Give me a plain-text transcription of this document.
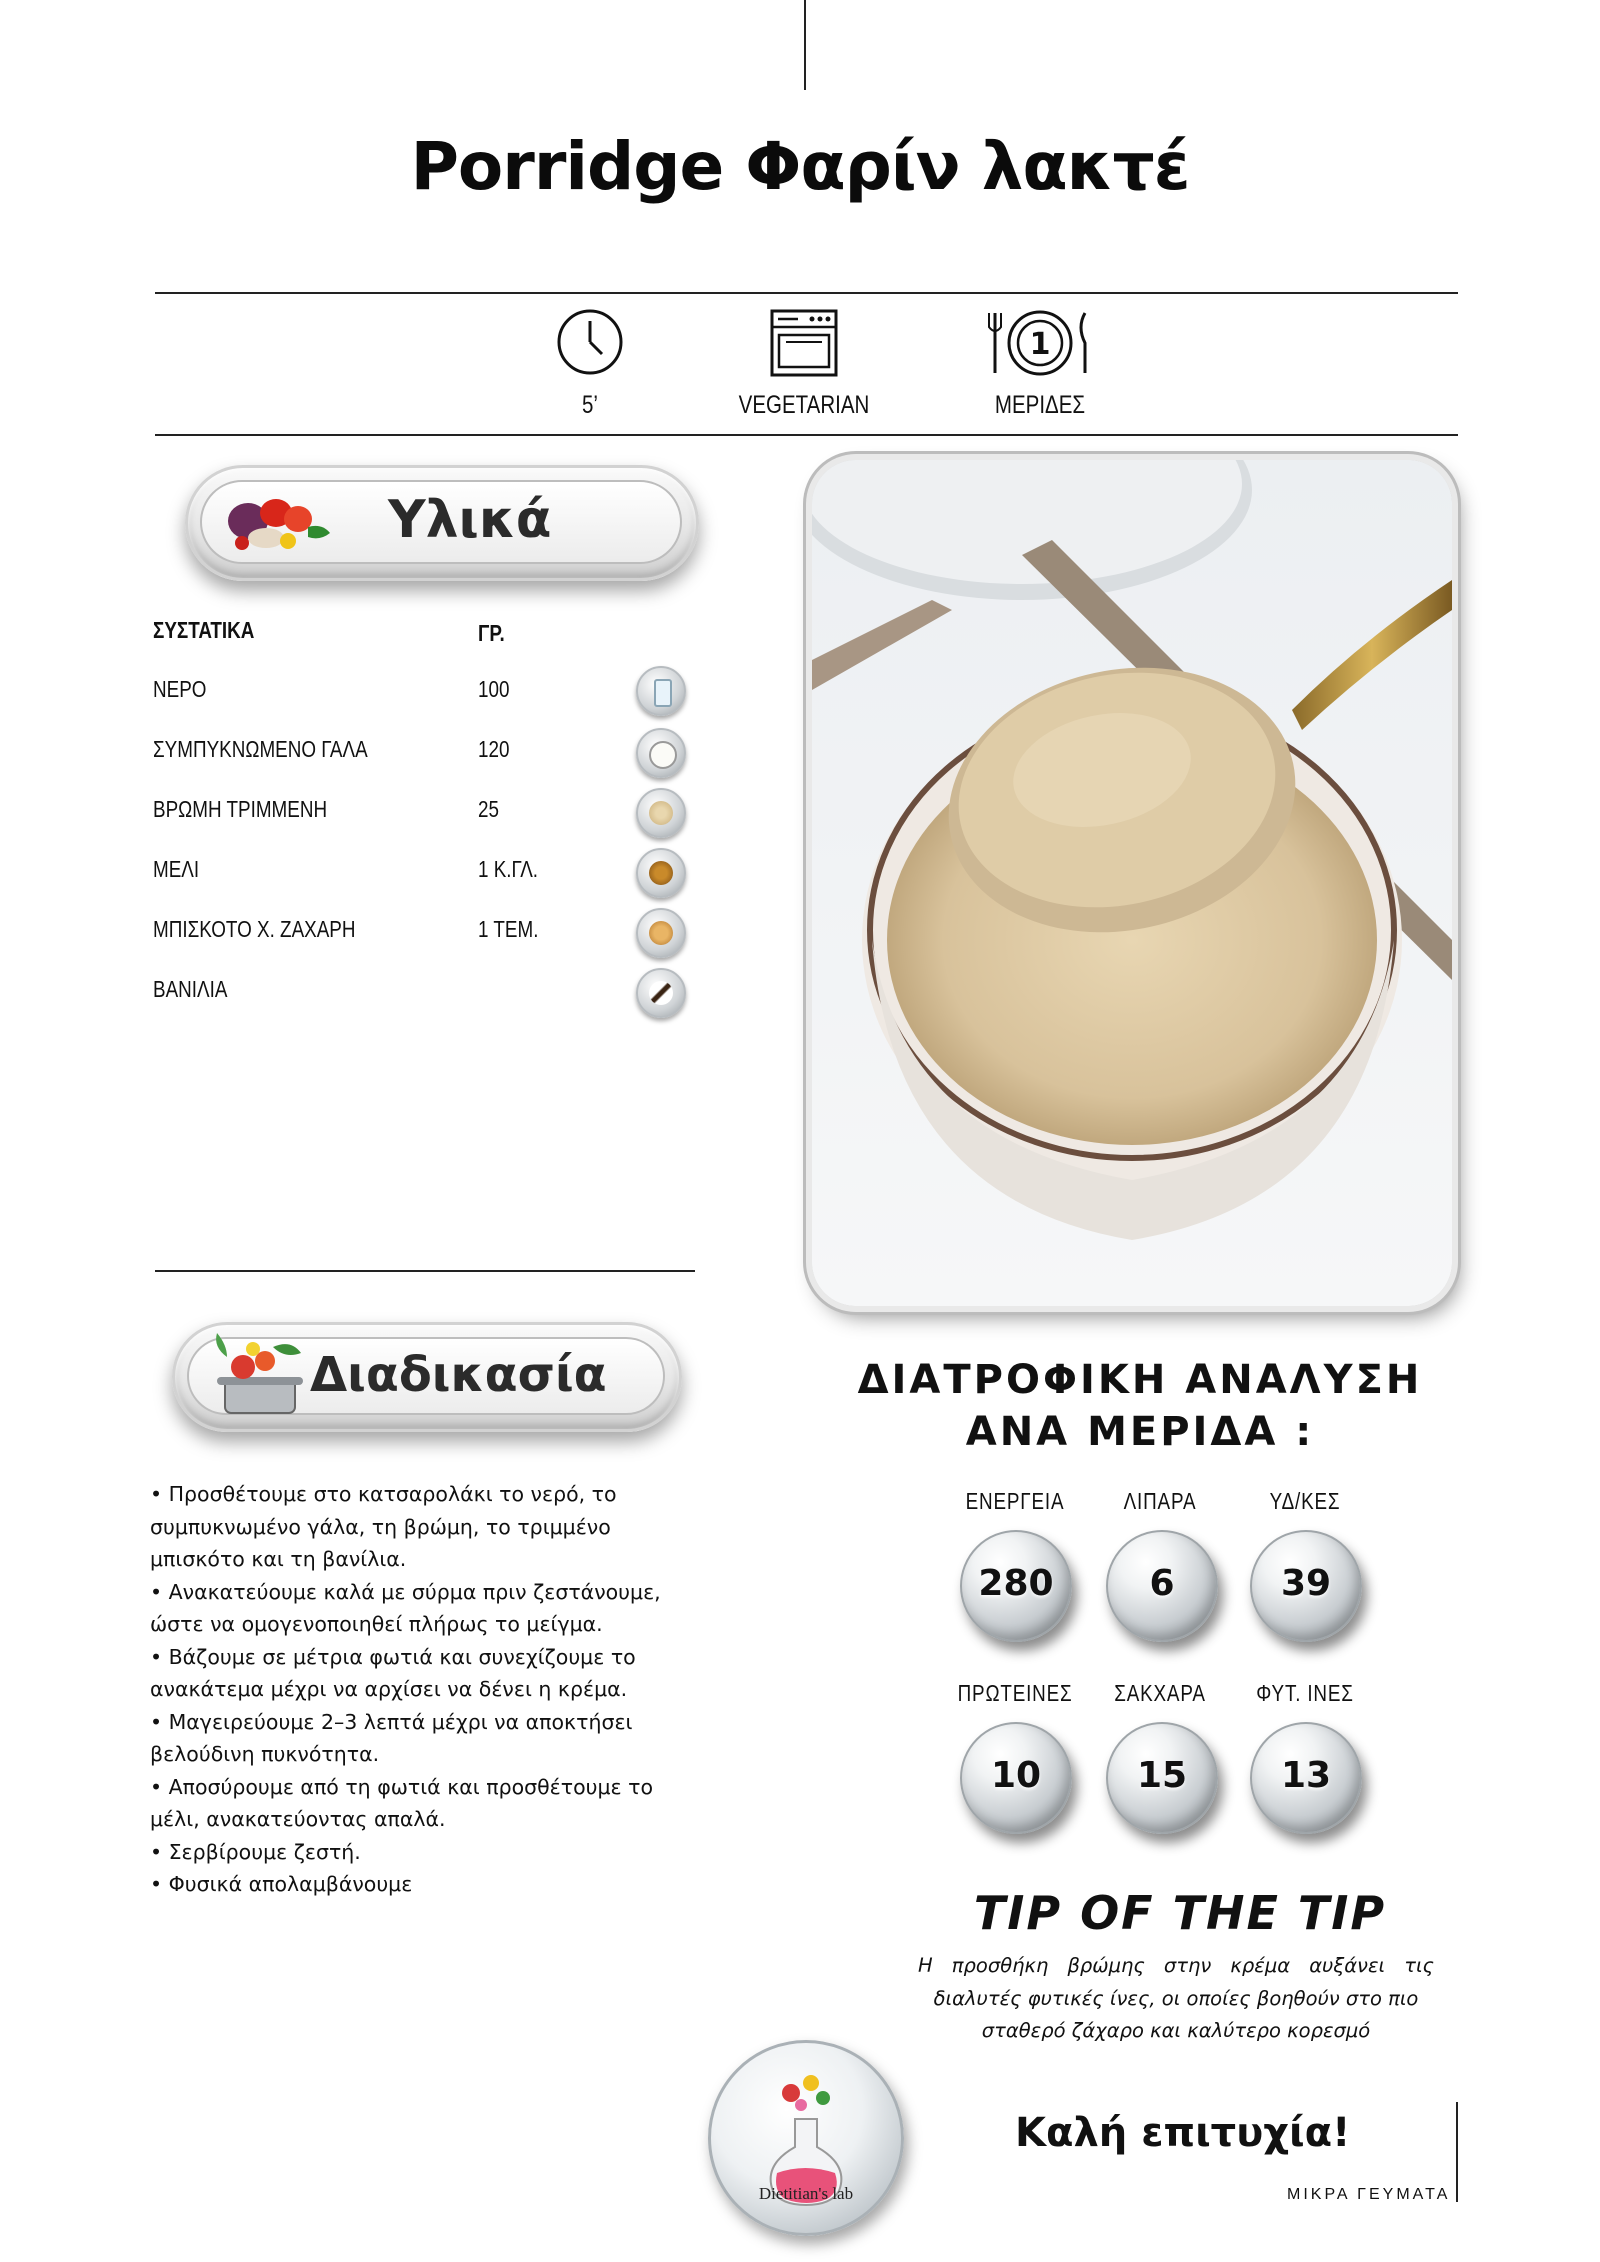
Porridge Φαρίν λακτέ
5’	VEGETARIAN
1
ΜΕΡΙΔΕΣ
Υλικά
ΣΥΣΤΑΤΙΚΑ	ΓΡ.
ΝΕΡΟ	100
ΣΥΜΠΥΚΝΩΜΕΝΟ ΓΑΛΑ	120
ΒΡΩΜΗ ΤΡΙΜΜΕΝΗ	25
ΜΕΛΙ	1 Κ.ΓΛ.
ΜΠΙΣΚΟΤΟ Χ. ΖΑΧΑΡΗ	1 ΤΕΜ.
ΒΑΝΙΛΙΑ
Διαδικασία
• Προσθέτουμε στο κατσαρολάκι το νερό, το
συμπυκνωμένο γάλα, τη βρώμη, το τριμμένο
μπισκότο και τη βανίλια.
• Ανακατεύουμε καλά με σύρμα πριν ζεστάνουμε,
ώστε να ομογενοποιηθεί πλήρως το μείγμα.
• Βάζουμε σε μέτρια φωτιά και συνεχίζουμε το
ανακάτεμα μέχρι να αρχίσει να δένει η κρέμα.
• Μαγειρεύουμε 2–3 λεπτά μέχρι να αποκτήσει
βελούδινη πυκνότητα.
• Αποσύρουμε από τη φωτιά και προσθέτουμε το
μέλι, ανακατεύοντας απαλά.
• Σερβίρουμε ζεστή.
• Φυσικά απολαμβάνουμε
ΔΙΑΤΡΟΦΙΚΗ ΑΝΑΛΥΣΗ
ΑΝΑ ΜΕΡΙΔΑ :
ΕΝΕΡΓΕΙΑ	ΛΙΠΑΡΑ	ΥΔ/ΚΕΣ
280	6	39
ΠΡΩΤΕΙΝΕΣ	ΣΑΚΧΑΡΑ	ΦΥΤ. ΙΝΕΣ
10	15	13
TIP OF THE TIP
Η προσθήκη βρώμης στην κρέμα αυξάνει τις
διαλυτές φυτικές ίνες, οι οποίες βοηθούν στο πιο
σταθερό ζάχαρο και καλύτερο κορεσμό
Dietitian's lab
Καλή επιτυχία!
ΜΙΚΡΑ ΓΕΥΜΑΤΑ
